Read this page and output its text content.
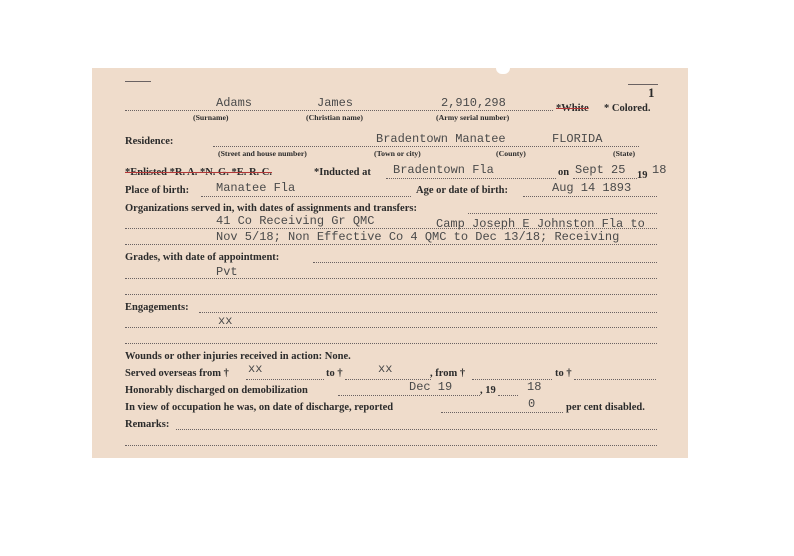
1
Adams	James	2,910,298	*White * Colored.
(Surname)	(Christian name)	(Army serial number)
Residence:	Bradentown Manatee	FLORIDA
(Street and house number)	(Town or city)	(County)	(State)
*Enlisted *R. A. *N. G. *E. R. C.	*Inducted at Bradentown Fla	on Sept 25 19 18
Place of birth: Manatee Fla	Age or date of birth:	Aug 14 1893
Organizations served in, with dates of assignments and transfers:
41 Co Receiving Gr QMC	Camp Joseph E Johnston Fla to
Nov 5/18; Non Effective Co 4 QMC to Dec 13/18; Receiving
Grades, with date of appointment:
Pvt
Engagements:
xx
Wounds or other injuries received in action: None.
Served overseas from † xx	to †	xx	, from †	to †
Honorably discharged on demobilization	Dec 19	, 19	18
In view of occupation he was, on date of discharge, reported	0	per cent disabled.
Remarks:
